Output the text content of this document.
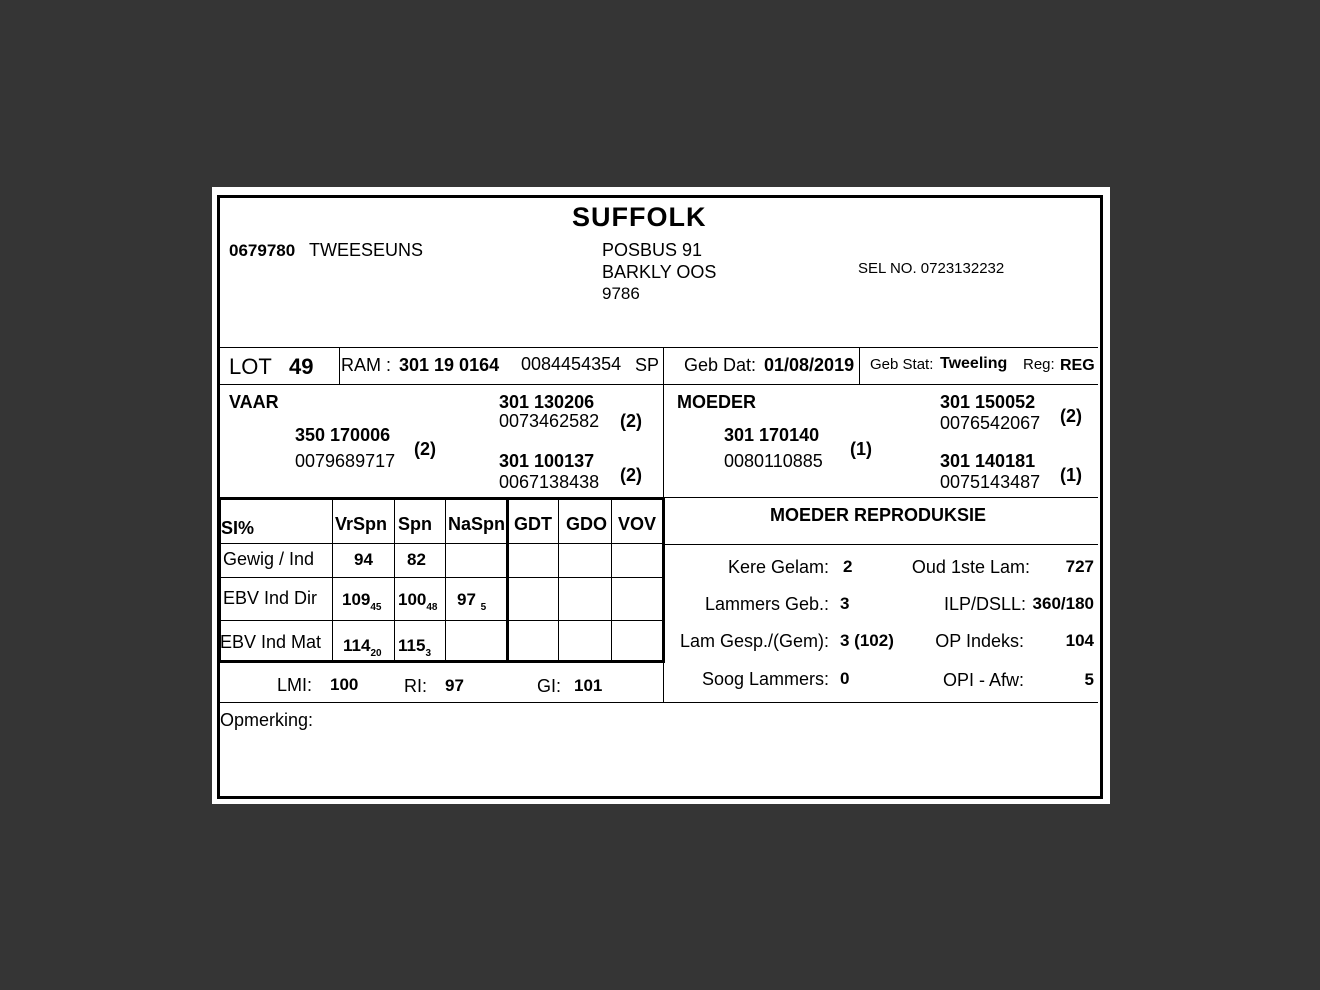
SUFFOLK
0679780 TWEESEUNS	POSBUS 91
BARKLY OOS
9786
SEL NO. 0723132232
LOT 49 RAM : 301 19 0164 0084454354 SP Geb Dat: 01/08/2019 Geb Stat: Tweeling Reg: REG
VAAR
350 170006
0079689717
(2)
301 130206
0073462582 (2)
301 100137
0067138438 (2)
MOEDER
301 170140
0080110885
(1)
301 150052
0076542067 (2)
301 140181
0075143487 (1)
SI%	VrSpn Spn NaSpn GDT GDO VOV
Gewig / Ind 94 82
EBV Ind Dir $109_{45}$ $100_{48}$ 97 $_5$
EBV Ind Mat $114_{20}$ $115_3$
LMI: 100	RI: 97	GI: 101
MOEDER REPRODUKSIE
Kere Gelam: 2	Oud 1ste Lam: 727
Lammers Geb.: 3	ILP/DSLL: 360/180
Lam Gesp./(Gem): 3 (102) OP Indeks: 104
Soog Lammers: 0	OPI - Afw:	5
Opmerking:
